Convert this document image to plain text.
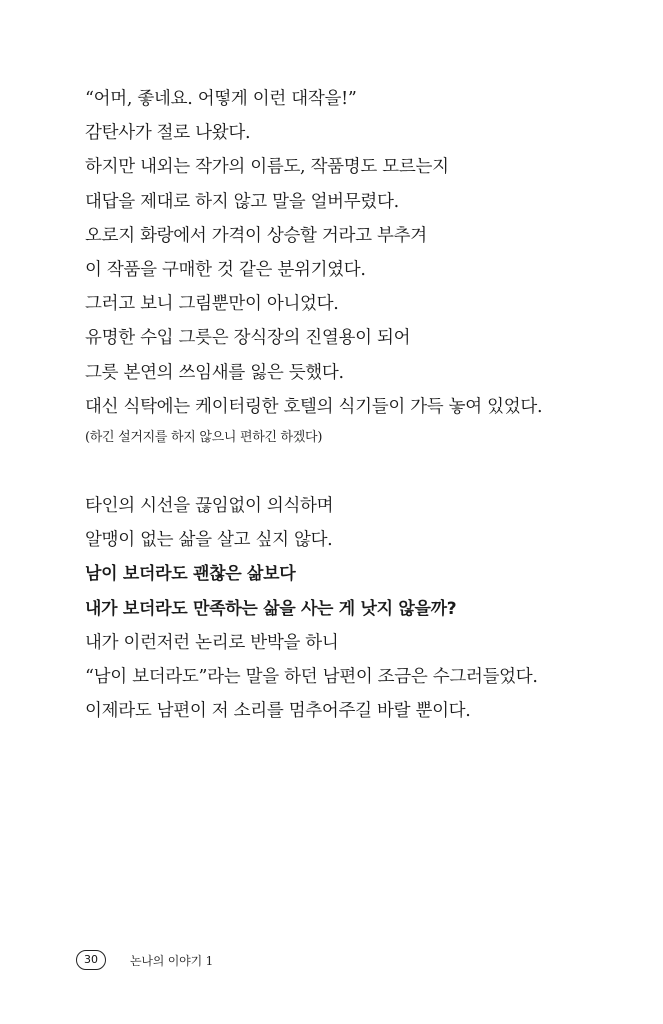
“어머, 좋네요. 어떻게 이런 대작을!”
감탄사가 절로 나왔다.
하지만 내외는 작가의 이름도, 작품명도 모르는지
대답을 제대로 하지 않고 말을 얼버무렸다.
오로지 화랑에서 가격이 상승할 거라고 부추겨
이 작품을 구매한 것 같은 분위기였다.
그러고 보니 그림뿐만이 아니었다.
유명한 수입 그릇은 장식장의 진열용이 되어
그릇 본연의 쓰임새를 잃은 듯했다.
대신 식탁에는 케이터링한 호텔의 식기들이 가득 놓여 있었다.
(하긴 설거지를 하지 않으니 편하긴 하겠다)
타인의 시선을 끊임없이 의식하며
알맹이 없는 삶을 살고 싶지 않다.
남이 보더라도 괜찮은 삶보다
내가 보더라도 만족하는 삶을 사는 게 낫지 않을까?
내가 이런저런 논리로 반박을 하니
“남이 보더라도”라는 말을 하던 남편이 조금은 수그러들었다.
이제라도 남편이 저 소리를 멈추어주길 바랄 뿐이다.
30	논나의 이야기 1
